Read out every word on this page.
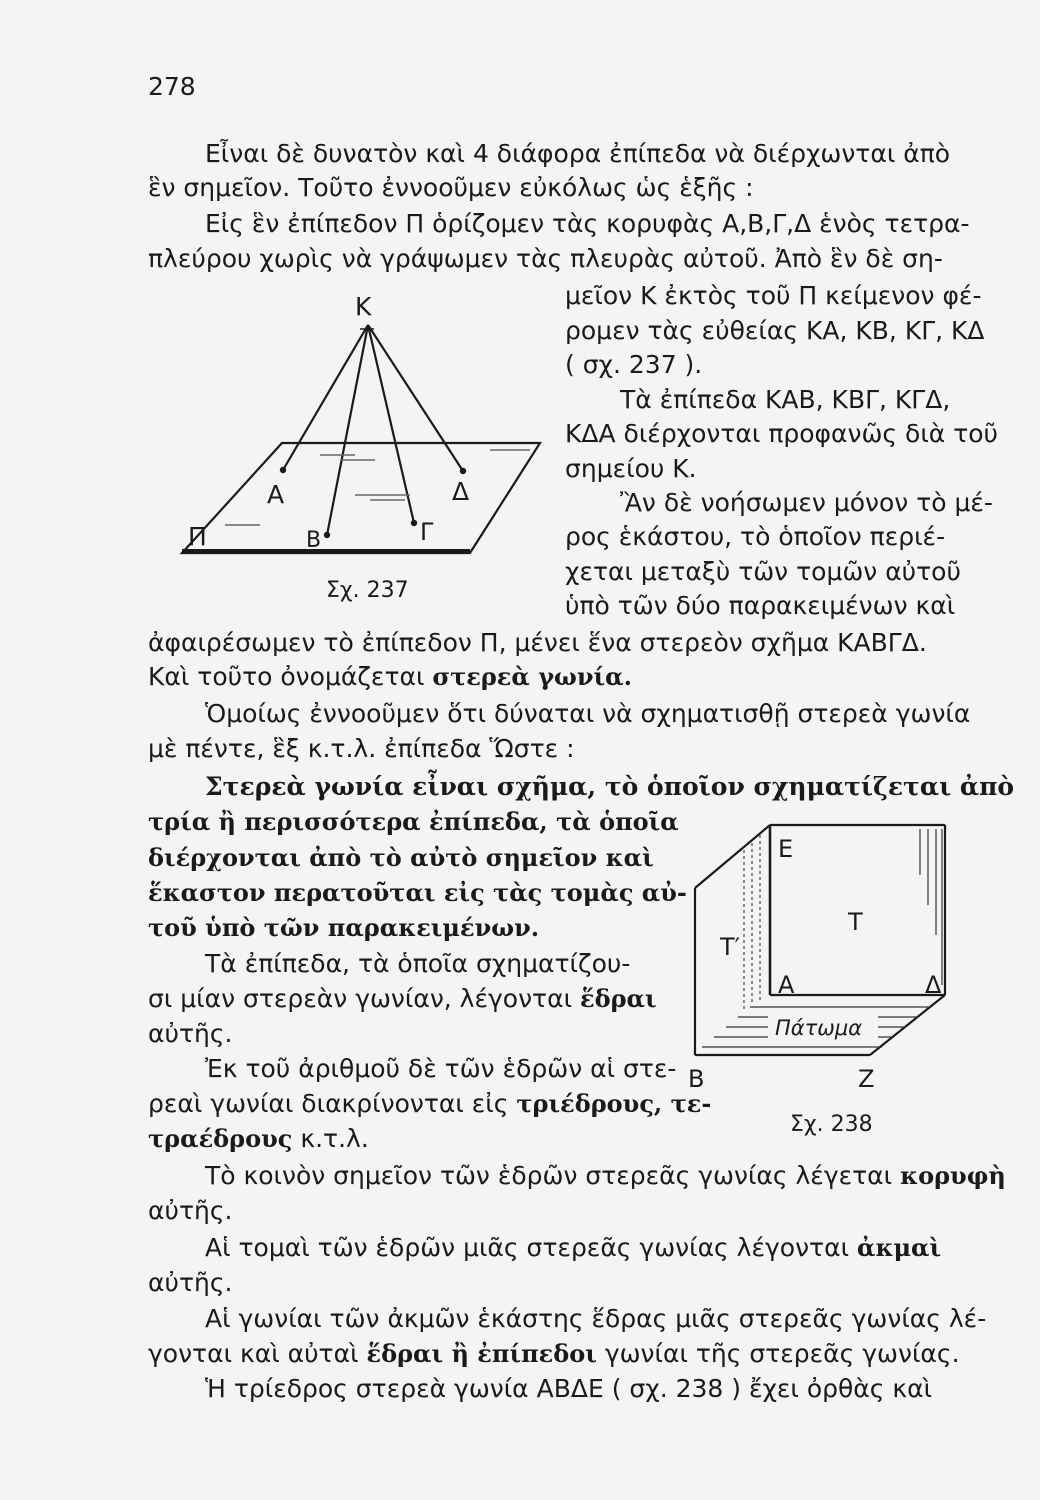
278
Εἶναι δὲ δυνατὸν καὶ 4 διάφορα ἐπίπεδα νὰ διέρχωνται ἀπὸ
ἓν σημεῖον. Τοῦτο ἐννοοῦμεν εὐκόλως ὡς ἑξῆς :
Εἰς ἓν ἐπίπεδον Π ὁρίζομεν τὰς κορυφὰς Α,Β,Γ,Δ ἑνὸς τετρα-
πλεύρου χωρὶς νὰ γράψωμεν τὰς πλευρὰς αὐτοῦ. Ἀπὸ ἓν δὲ ση-
μεῖον Κ ἐκτὸς τοῦ Π κείμενον φέ-
ρομεν τὰς εὐθείας ΚΑ, ΚΒ, ΚΓ, ΚΔ
( σχ. 237 ).
Τὰ ἐπίπεδα ΚΑΒ, ΚΒΓ, ΚΓΔ,
ΚΔΑ διέρχονται προφανῶς διὰ τοῦ
σημείου Κ.
Ἂν δὲ νοήσωμεν μόνον τὸ μέ-
ρος ἑκάστου, τὸ ὁποῖον περιέ-
χεται μεταξὺ τῶν τομῶν αὐτοῦ
ὑπὸ τῶν δύο παρακειμένων καὶ
ἀφαιρέσωμεν τὸ ἐπίπεδον Π, μένει ἕνα στερεὸν σχῆμα ΚΑΒΓΔ.
Καὶ τοῦτο ὀνομάζεται στερεὰ γωνία.
Ὁμοίως ἐννοοῦμεν ὅτι δύναται νὰ σχηματισθῇ στερεὰ γωνία
μὲ πέντε, ἓξ κ.τ.λ. ἐπίπεδα Ὥστε :
Στερεὰ γωνία εἶναι σχῆμα, τὸ ὁποῖον σχηματίζεται ἀπὸ
τρία ἢ περισσότερα ἐπίπεδα, τὰ ὁποῖα
διέρχονται ἀπὸ τὸ αὐτὸ σημεῖον καὶ
ἕκαστον περατοῦται εἰς τὰς τομὰς αὐ-
τοῦ ὑπὸ τῶν παρακειμένων.
Τὰ ἐπίπεδα, τὰ ὁποῖα σχηματίζου-
σι μίαν στερεὰν γωνίαν, λέγονται ἕδραι
αὐτῆς.
Ἐκ τοῦ ἀριθμοῦ δὲ τῶν ἑδρῶν αἱ στε-
ρεαὶ γωνίαι διακρίνονται εἰς τριέδρους, τε-
τραέδρους κ.τ.λ.
Τὸ κοινὸν σημεῖον τῶν ἑδρῶν στερεᾶς γωνίας λέγεται κορυφὴ
αὐτῆς.
Αἱ τομαὶ τῶν ἑδρῶν μιᾶς στερεᾶς γωνίας λέγονται ἀκμαὶ
αὐτῆς.
Αἱ γωνίαι τῶν ἀκμῶν ἑκάστης ἕδρας μιᾶς στερεᾶς γωνίας λέ-
γονται καὶ αὐταὶ ἕδραι ἢ ἐπίπεδοι γωνίαι τῆς στερεᾶς γωνίας.
Ἡ τρίεδρος στερεὰ γωνία ΑΒΔΕ ( σχ. 238 ) ἔχει ὀρθὰς καὶ
Κ
Α
Β	Γ
Δ
Π
Σχ. 237
Ε
Τ
Τ′
Α	Δ
Β	Ζ
Πάτωμα
Σχ. 238
